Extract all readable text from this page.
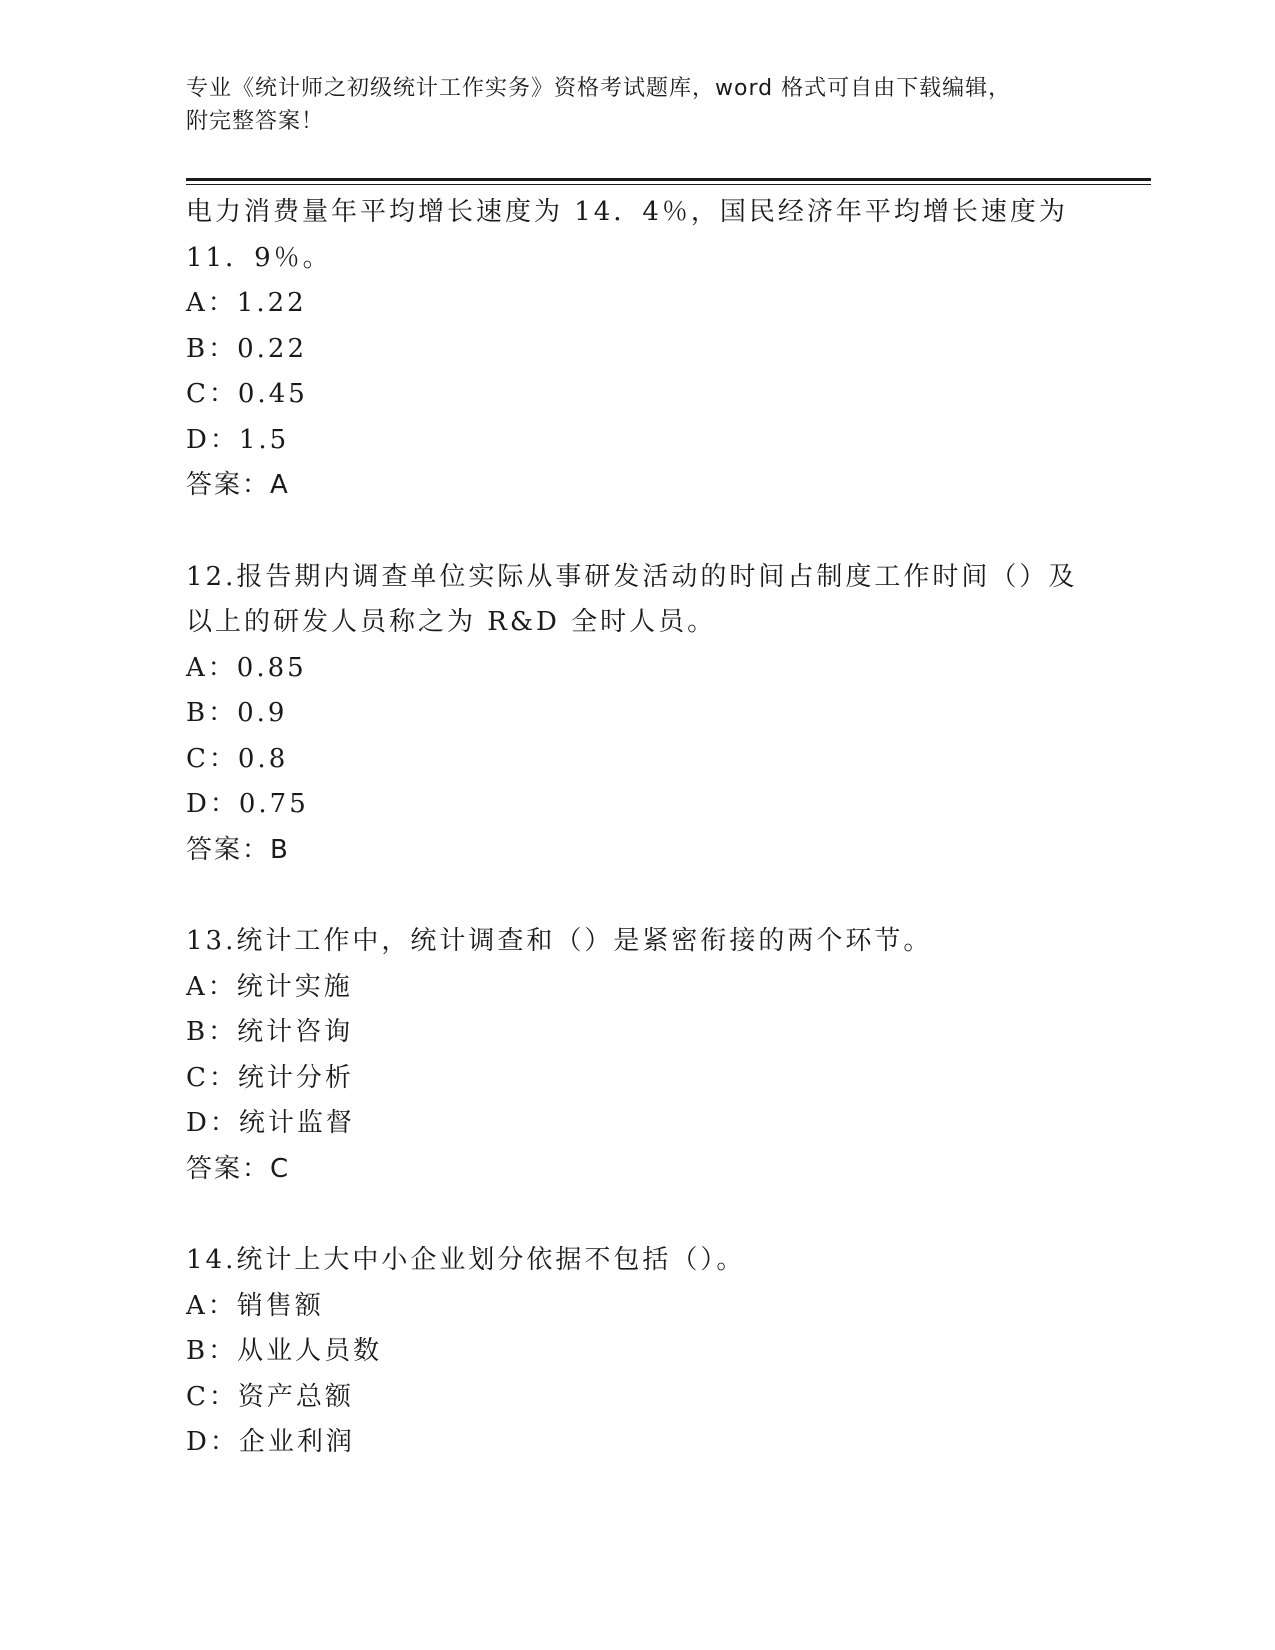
专业《统计师之初级统计工作实务》资格考试题库，word 格式可自由下载编辑，
附完整答案！
电力消费量年平均增长速度为 14．4％，国民经济年平均增长速度为
11．9％。
A：1.22
B：0.22
C：0.45
D：1.5
答案：A
12.报告期内调查单位实际从事研发活动的时间占制度工作时间（）及
以上的研发人员称之为 R&D 全时人员。
A：0.85
B：0.9
C：0.8
D：0.75
答案：B
13.统计工作中，统计调查和（）是紧密衔接的两个环节。
A：统计实施
B：统计咨询
C：统计分析
D：统计监督
答案：C
14.统计上大中小企业划分依据不包括（）。
A：销售额
B：从业人员数
C：资产总额
D：企业利润
